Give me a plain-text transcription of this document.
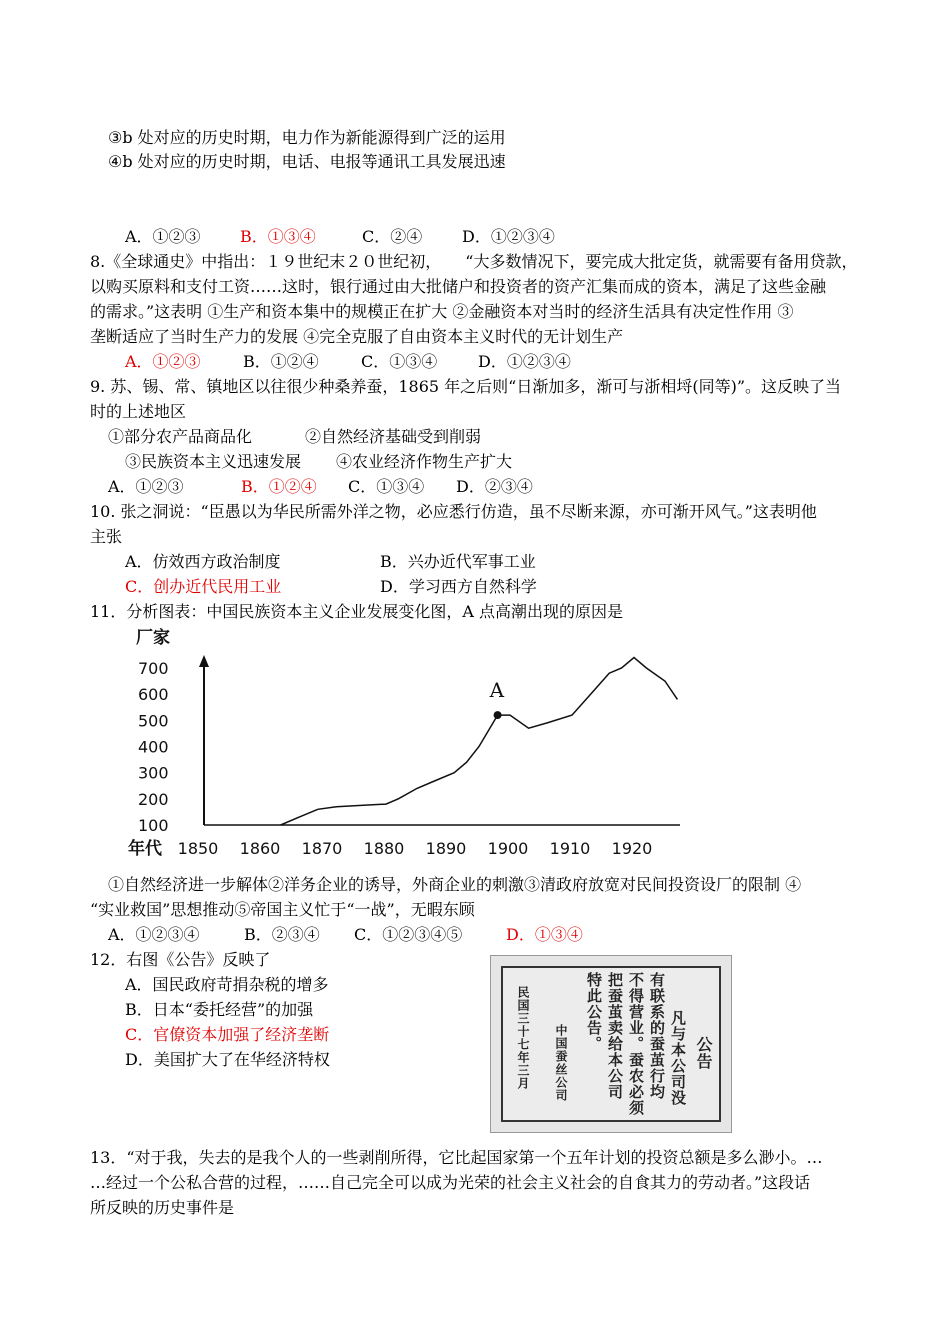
③b 处对应的历史时期，电力作为新能源得到广泛的运用
④b 处对应的历史时期，电话、电报等通讯工具发展迅速
A．①②③ B．①③④	C．②④ D．①②③④
8.《全球通史》中指出：１９世纪末２０世纪初，　　“大多数情况下，要完成大批定货，就需要有备用贷款，
以购买原料和支付工资……这时，银行通过由大批储户和投资者的资产汇集而成的资本，满足了这些金融
的需求。”这表明 ①生产和资本集中的规模正在扩大 ②金融资本对当时的经济生活具有决定性作用 ③
垄断适应了当时生产力的发展 ④完全克服了自由资本主义时代的无计划生产
A．①②③	B．①②④	C．①③④	D．①②③④
9. 苏、锡、常、镇地区以往很少种桑养蚕，1865 年之后则“日渐加多，渐可与浙相埒(同等)”。这反映了当
时的上述地区
①部分农产品商品化	②自然经济基础受到削弱
③民族资本主义迅速发展 ④农业经济作物生产扩大
A．①②③	B．①②④ C．①③④ D．②③④
10. 张之洞说：“臣愚以为华民所需外洋之物，必应悉行仿造，虽不尽断来源，亦可渐开风气。”这表明他
主张
A．仿效西方政治制度	B．兴办近代军事工业
C．创办近代民用工业	D．学习西方自然科学
11．分析图表：中国民族资本主义企业发展变化图，A 点高潮出现的原因是
厂家
年代
700
600
500
400
300
200
100
1850 1860 1870 1880 1890 1900 1910 1920
A
①自然经济进一步解体②洋务企业的诱导，外商企业的刺激③清政府放宽对民间投资设厂的限制 ④
“实业救国”思想推动⑤帝国主义忙于“一战”，无暇东顾
A．①②③④	B．②③④ C．①②③④⑤	D．①③④
12．右图《公告》反映了
A．国民政府苛捐杂税的增多
B．日本“委托经营”的加强
C．官僚资本加强了经济垄断
D．美国扩大了在华经济特权	公告
凡与本公司没
有联系的蚕茧行均
不得营业。蚕农必须
把蚕茧卖给本公司
特此公告。
中国蚕丝公司
民国三十七年三月
13．“对于我，失去的是我个人的一些剥削所得，它比起国家第一个五年计划的投资总额是多么渺小。…
…经过一个公私合营的过程，……自己完全可以成为光荣的社会主义社会的自食其力的劳动者。”这段话
所反映的历史事件是
